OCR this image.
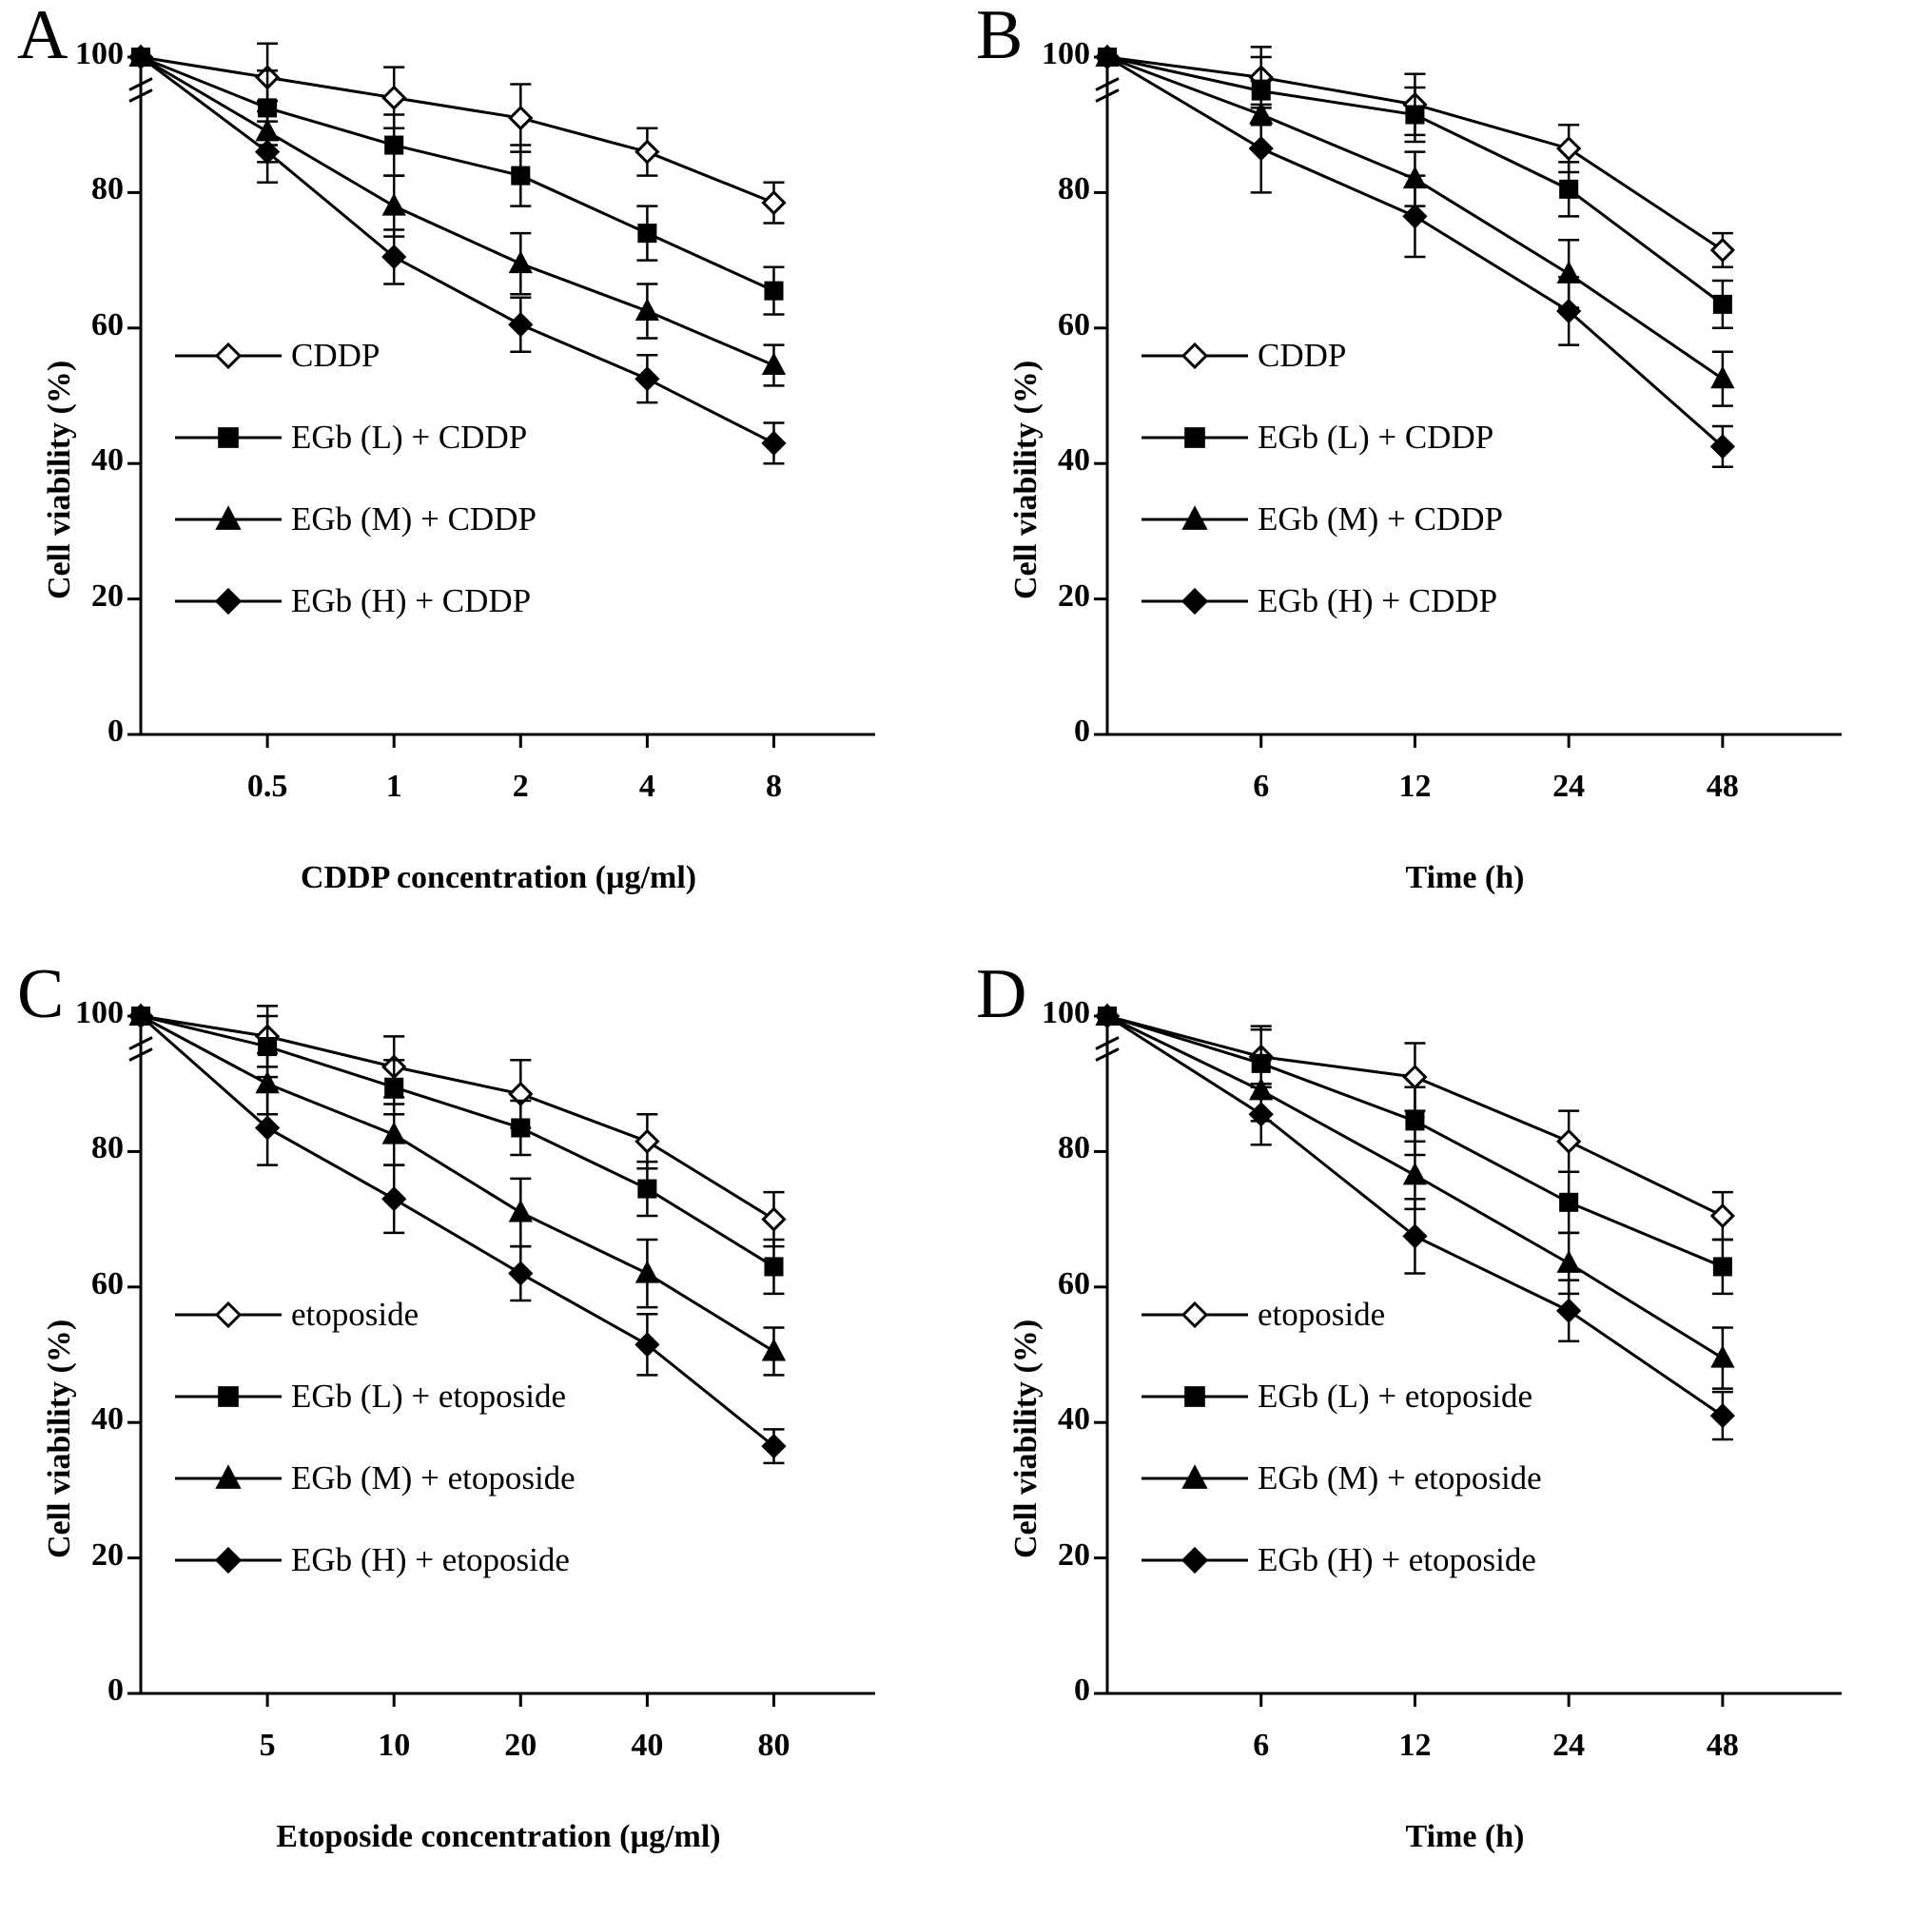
A
Cell viability (%)
CDDP concentration (µg/ml)
0
20
40
60
80
100
0.5	1	2	4	8
CDDP
EGb (L) + CDDP
EGb (M) + CDDP
EGb (H) + CDDP
B
Cell viability (%)
Time (h)
0
20
40
60
80
100
6	12	24	48
CDDP
EGb (L) + CDDP
EGb (M) + CDDP
EGb (H) + CDDP
C
Cell viability (%)
Etoposide concentration (µg/ml)
0
20
40
60
80
100
5	10	20	40	80
etoposide
EGb (L) + etoposide
EGb (M) + etoposide
EGb (H) + etoposide
D
Cell viability (%)
Time (h)
0
20
40
60
80
100
6	12	24	48
etoposide
EGb (L) + etoposide
EGb (M) + etoposide
EGb (H) + etoposide
